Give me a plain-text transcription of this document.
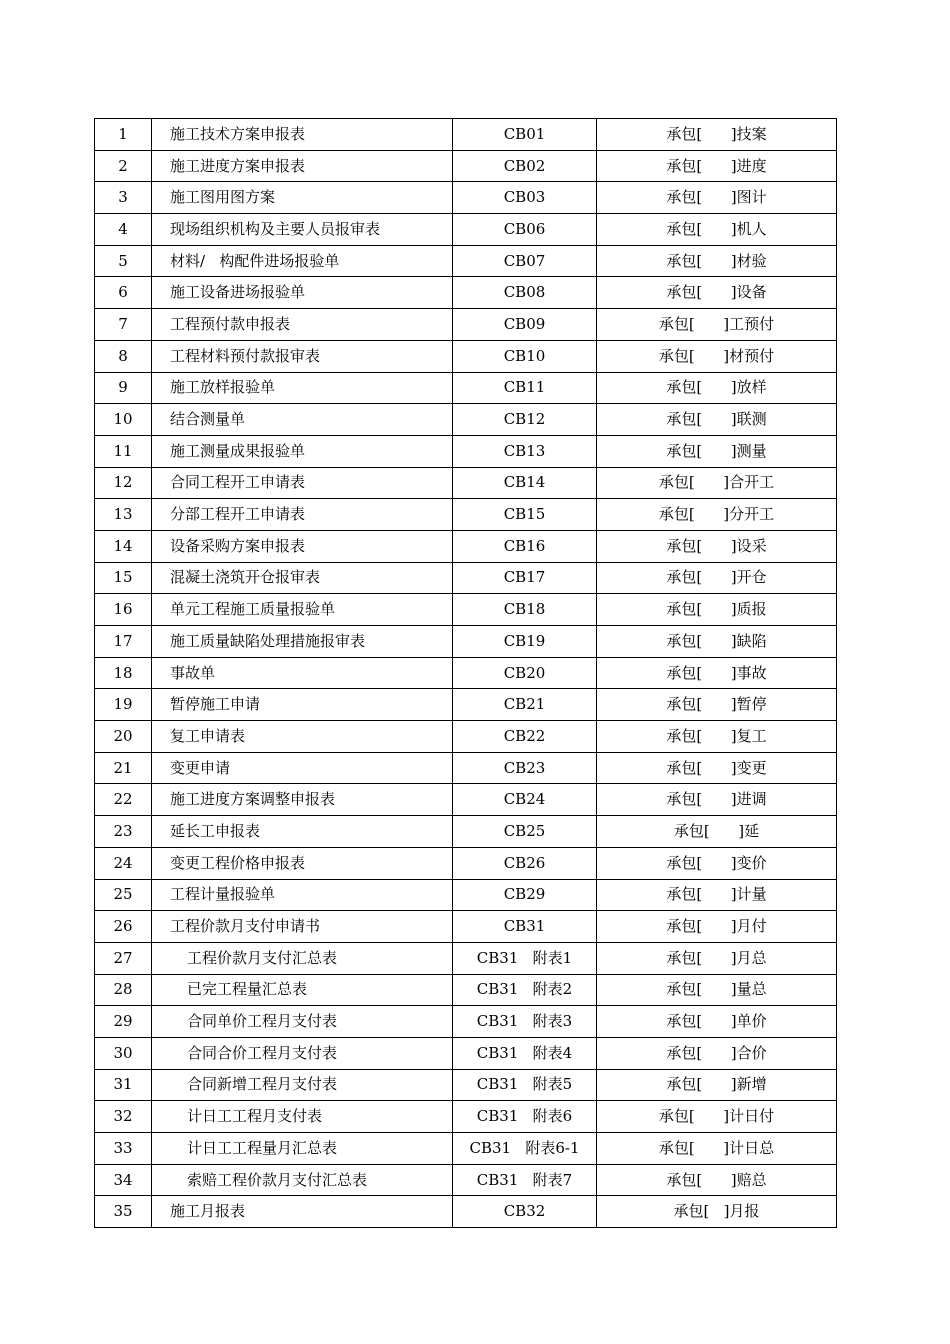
1	施工技术方案申报表	CB01	承包[      ]技案
2	施工进度方案申报表	CB02	承包[      ]进度
3	施工图用图方案	CB03	承包[      ]图计
4	现场组织机构及主要人员报审表	CB06	承包[      ]机人
5	材料/   构配件进场报验单	CB07	承包[      ]材验
6	施工设备进场报验单	CB08	承包[      ]设备
7	工程预付款申报表	CB09	承包[      ]工预付
8	工程材料预付款报审表	CB10	承包[      ]材预付
9	施工放样报验单	CB11	承包[      ]放样
10	结合测量单	CB12	承包[      ]联测
11	施工测量成果报验单	CB13	承包[      ]测量
12	合同工程开工申请表	CB14	承包[      ]合开工
13	分部工程开工申请表	CB15	承包[      ]分开工
14	设备采购方案申报表	CB16	承包[      ]设采
15	混凝土浇筑开仓报审表	CB17	承包[      ]开仓
16	单元工程施工质量报验单	CB18	承包[      ]质报
17	施工质量缺陷处理措施报审表	CB19	承包[      ]缺陷
18	事故单	CB20	承包[      ]事故
19	暂停施工申请	CB21	承包[      ]暂停
20	复工申请表	CB22	承包[      ]复工
21	变更申请	CB23	承包[      ]变更
22	施工进度方案调整申报表	CB24	承包[      ]进调
23	延长工申报表	CB25	承包[      ]延
24	变更工程价格申报表	CB26	承包[      ]变价
25	工程计量报验单	CB29	承包[      ]计量
26	工程价款月支付申请书	CB31	承包[      ]月付
27	工程价款月支付汇总表	CB31   附表1	承包[      ]月总
28	已完工程量汇总表	CB31   附表2	承包[      ]量总
29	合同单价工程月支付表	CB31   附表3	承包[      ]单价
30	合同合价工程月支付表	CB31   附表4	承包[      ]合价
31	合同新增工程月支付表	CB31   附表5	承包[      ]新增
32	计日工工程月支付表	CB31   附表6	承包[      ]计日付
33	计日工工程量月汇总表	CB31   附表6-1	承包[      ]计日总
34	索赔工程价款月支付汇总表	CB31   附表7	承包[      ]赔总
35	施工月报表	CB32	承包[   ]月报
